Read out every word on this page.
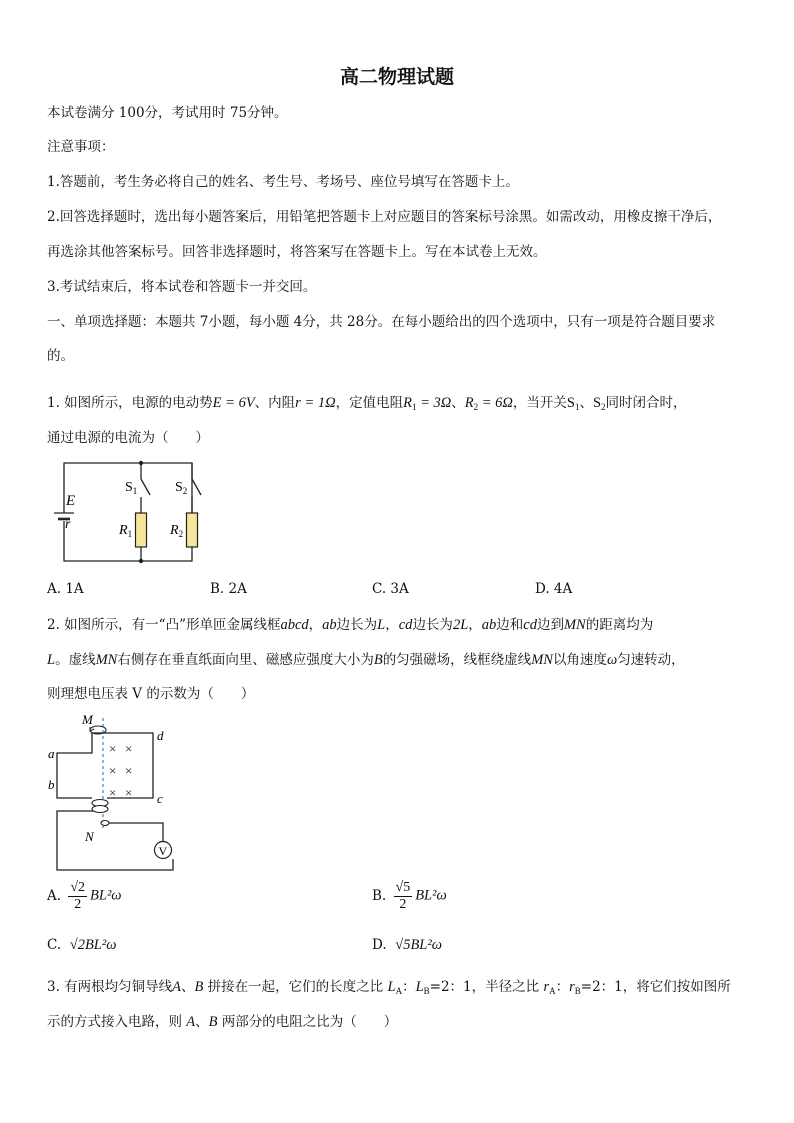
高二物理试题
本试卷满分 100分，考试用时 75分钟。
注意事项：
1.答题前，考生务必将自己的姓名、考生号、考场号、座位号填写在答题卡上。
2.回答选择题时，选出每小题答案后，用铅笔把答题卡上对应题目的答案标号涂黑。如需改动，用橡皮擦干净后，
再选涂其他答案标号。回答非选择题时，将答案写在答题卡上。写在本试卷上无效。
3.考试结束后，将本试卷和答题卡一并交回。
一、单项选择题：本题共 7小题，每小题 4分，共 28分。在每小题给出的四个选项中，只有一项是符合题目要求
的。
1. 如图所示，电源的电动势E = 6V、内阻r = 1Ω，定值电阻$R_1 = 3\Omega$、$R_2 = 6\Omega$，当开关$S_1$、$S_2$同时闭合时，
通过电源的电流为（　　）
E
r
$S_1$	$S_2$
$R_1$	$R_2$
A. 1A	B. 2A	C. 3A	D. 4A
2. 如图所示，有一“凸”形单匝金属线框abcd，ab边长为L，cd边长为2L，ab边和cd边到MN的距离均为
L。虚线MN右侧存在垂直纸面向里、磁感应强度大小为B的匀强磁场，线框绕虚线MN以角速度ω匀速转动，
则理想电压表 V 的示数为（　　）
V
× ×
× ×
× ×
M
N
a
b
c
d
A. $\frac{√2}{2} BL^2\omega$	B. $\frac{√5}{2} BL^2\omega$
C. √2BL²ω	D. √5BL²ω
3. 有两根均匀铜导线A、B 拼接在一起，它们的长度之比 $L_A$：$L_B=2$：1，半径之比 $r_A$：$r_B=2$：1，将它们按如图所
示的方式接入电路，则 A、B 两部分的电阻之比为（　　）
